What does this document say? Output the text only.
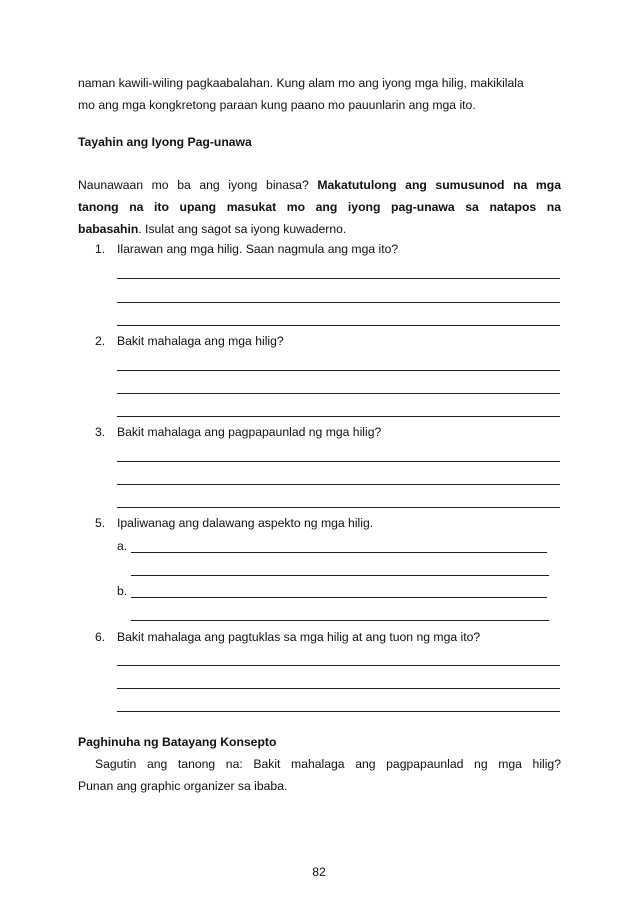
naman kawili-wiling pagkaabalahan. Kung alam mo ang iyong mga hilig, makikilala
mo ang mga kongkretong paraan kung paano mo pauunlarin ang mga ito.
Tayahin ang Iyong Pag-unawa
Naunawaan mo ba ang iyong binasa? Makatutulong ang sumusunod na mga
tanong na ito upang masukat mo ang iyong pag-unawa sa natapos na
babasahin. Isulat ang sagot sa iyong kuwaderno.
1. Ilarawan ang mga hilig. Saan nagmula ang mga ito?
2. Bakit mahalaga ang mga hilig?
3. Bakit mahalaga ang pagpapaunlad ng mga hilig?
5. Ipaliwanag ang dalawang aspekto ng mga hilig.
a.
b.
6. Bakit mahalaga ang pagtuklas sa mga hilig at ang tuon ng mga ito?
Paghinuha ng Batayang Konsepto
Sagutin ang tanong na: Bakit mahalaga ang pagpapaunlad ng mga hilig?
Punan ang graphic organizer sa ibaba.
82
